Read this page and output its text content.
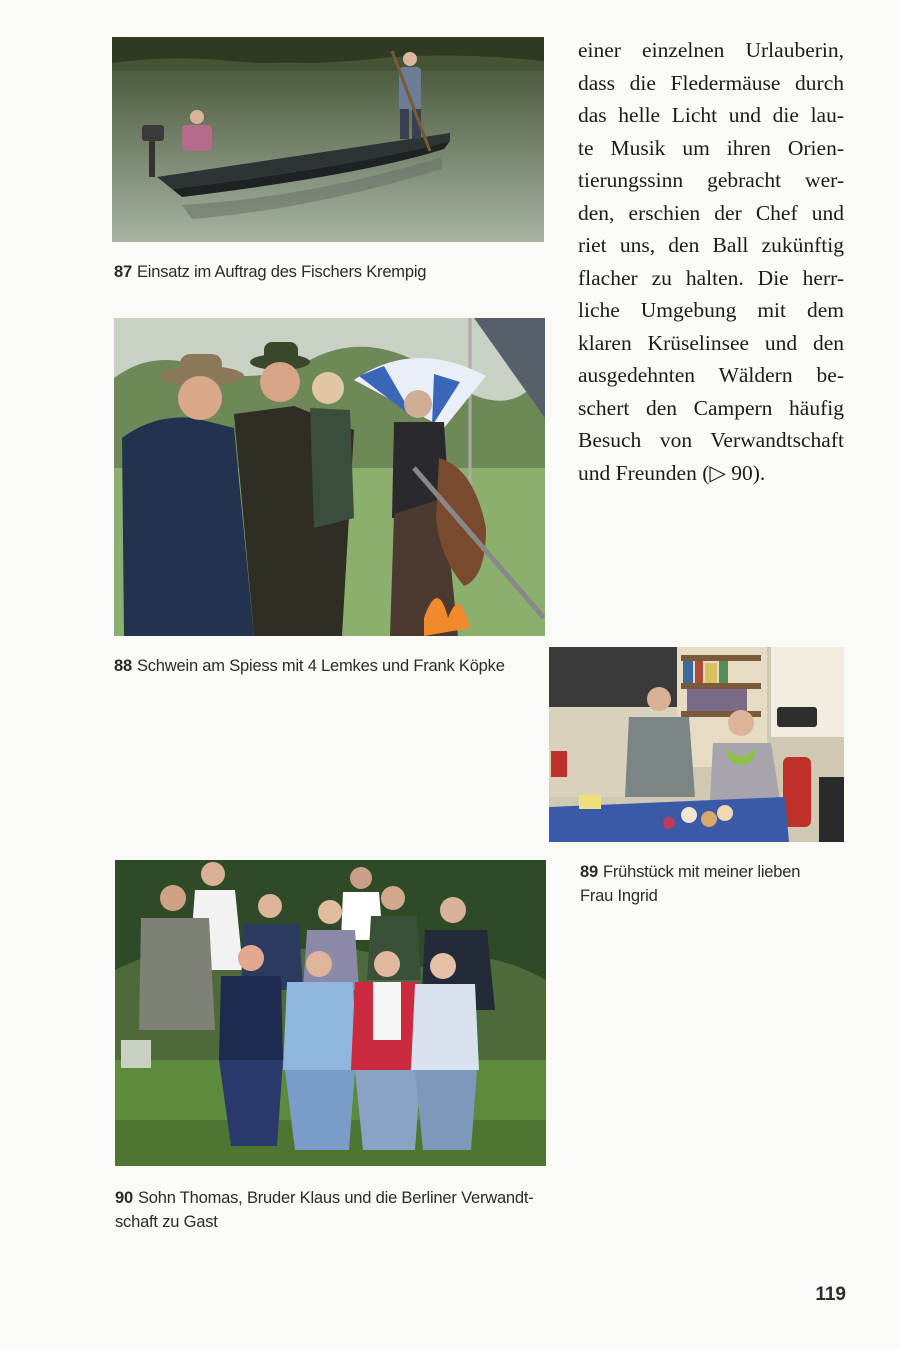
87 Einsatz im Auftrag des Fischers Krempig
88 Schwein am Spiess mit 4 Lemkes und Frank Köpke
89 Frühstück mit meiner lieben
Frau Ingrid
90 Sohn Thomas, Bruder Klaus und die Berliner Verwandt-
schaft zu Gast
einer einzelnen Urlauberin,
dass die Fledermäuse durch
das helle Licht und die lau-
te Musik um ihren Orien-
tierungssinn gebracht wer-
den, erschien der Chef und
riet uns, den Ball zukünftig
flacher zu halten. Die herr-
liche Umgebung mit dem
klaren Krüselinsee und den
ausgedehnten Wäldern be-
schert den Campern häufig
Besuch von Verwandtschaft
und Freunden (▷ 90).
119
